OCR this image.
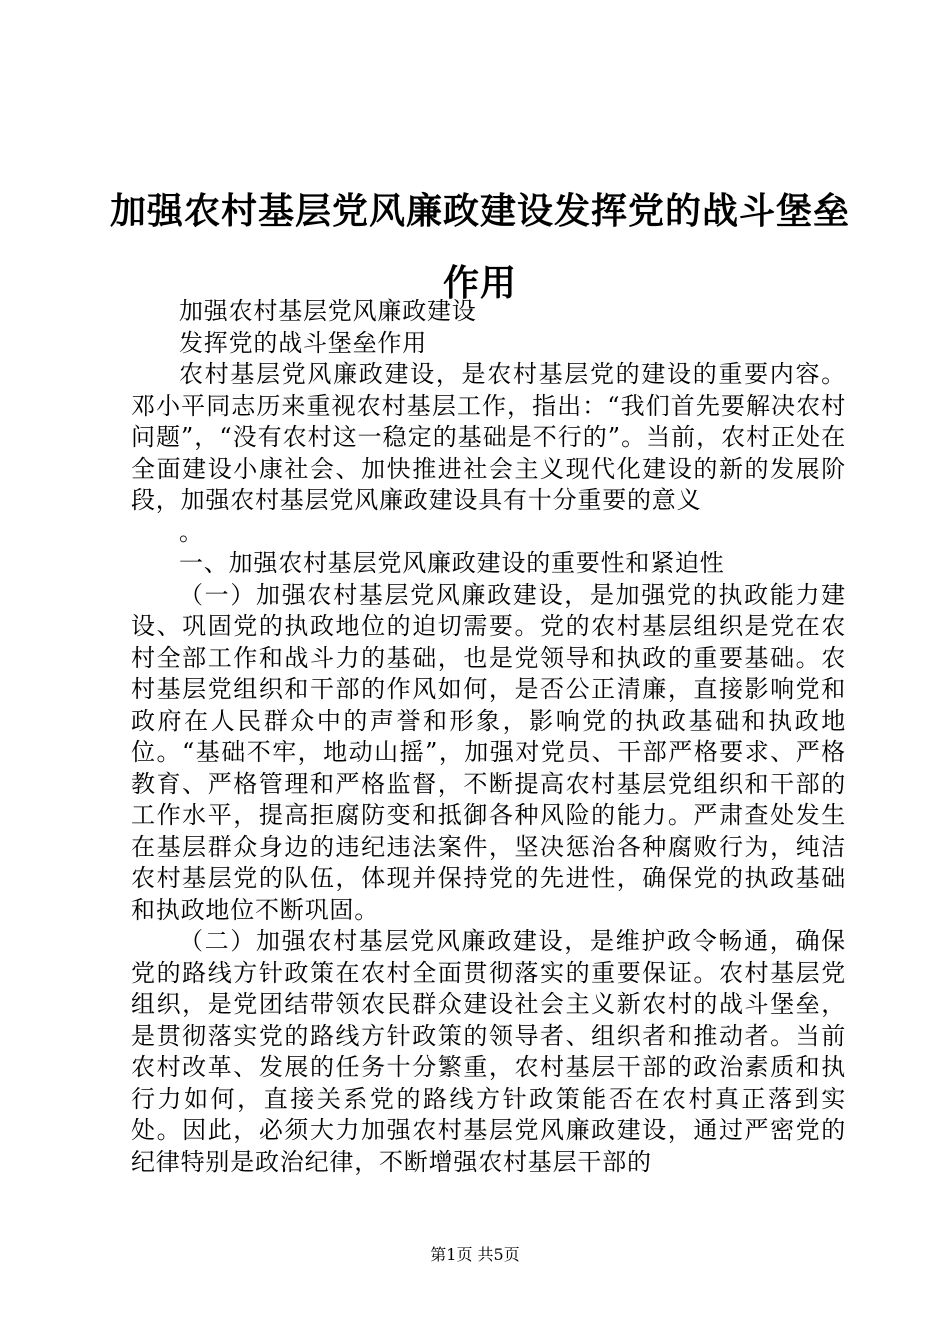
加强农村基层党风廉政建设发挥党的战斗堡垒
作用

加强农村基层党风廉政建设

发挥党的战斗堡垒作用

农村基层党风廉政建设，是农村基层党的建设的重要内容。邓小平同志历来重视农村基层工作，指出：“我们首先要解决农村问题”，“没有农村这一稳定的基础是不行的”。当前，农村正处在全面建设小康社会、加快推进社会主义现代化建设的新的发展阶段，加强农村基层党风廉政建设具有十分重要的意义

。

一、加强农村基层党风廉政建设的重要性和紧迫性

（一）加强农村基层党风廉政建设，是加强党的执政能力建设、巩固党的执政地位的迫切需要。党的农村基层组织是党在农村全部工作和战斗力的基础，也是党领导和执政的重要基础。农村基层党组织和干部的作风如何，是否公正清廉，直接影响党和政府在人民群众中的声誉和形象，影响党的执政基础和执政地位。“基础不牢，地动山摇”，加强对党员、干部严格要求、严格教育、严格管理和严格监督，不断提高农村基层党组织和干部的工作水平，提高拒腐防变和抵御各种风险的能力。严肃查处发生在基层群众身边的违纪违法案件，坚决惩治各种腐败行为，纯洁农村基层党的队伍，体现并保持党的先进性，确保党的执政基础和执政地位不断巩固。

（二）加强农村基层党风廉政建设，是维护政令畅通，确保党的路线方针政策在农村全面贯彻落实的重要保证。农村基层党组织，是党团结带领农民群众建设社会主义新农村的战斗堡垒，是贯彻落实党的路线方针政策的领导者、组织者和推动者。当前农村改革、发展的任务十分繁重，农村基层干部的政治素质和执行力如何，直接关系党的路线方针政策能否在农村真正落到实处。因此，必须大力加强农村基层党风廉政建设，通过严密党的纪律特别是政治纪律，不断增强农村基层干部的

第1页 共5页
